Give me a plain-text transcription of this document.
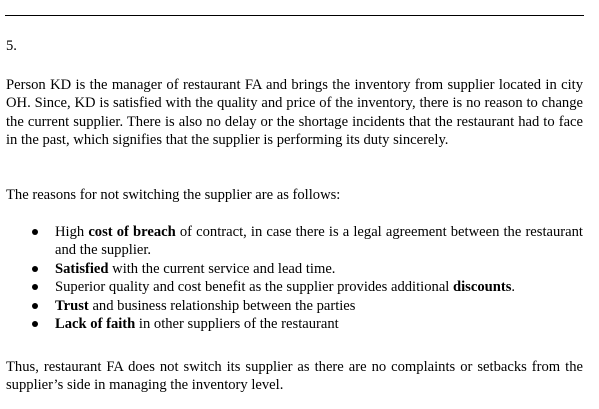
5.

Person KD is the manager of restaurant FA and brings the inventory from supplier located in city OH. Since, KD is satisfied with the quality and price of the inventory, there is no reason to change the current supplier. There is also no delay or the shortage incidents that the restaurant had to face in the past, which signifies that the supplier is performing its duty sincerely.

The reasons for not switching the supplier are as follows:

High cost of breach of contract, in case there is a legal agreement between the restaurant and the supplier.
Satisfied with the current service and lead time.
Superior quality and cost benefit as the supplier provides additional discounts.
Trust and business relationship between the parties
Lack of faith in other suppliers of the restaurant

Thus, restaurant FA does not switch its supplier as there are no complaints or setbacks from the supplier’s side in managing the inventory level.
